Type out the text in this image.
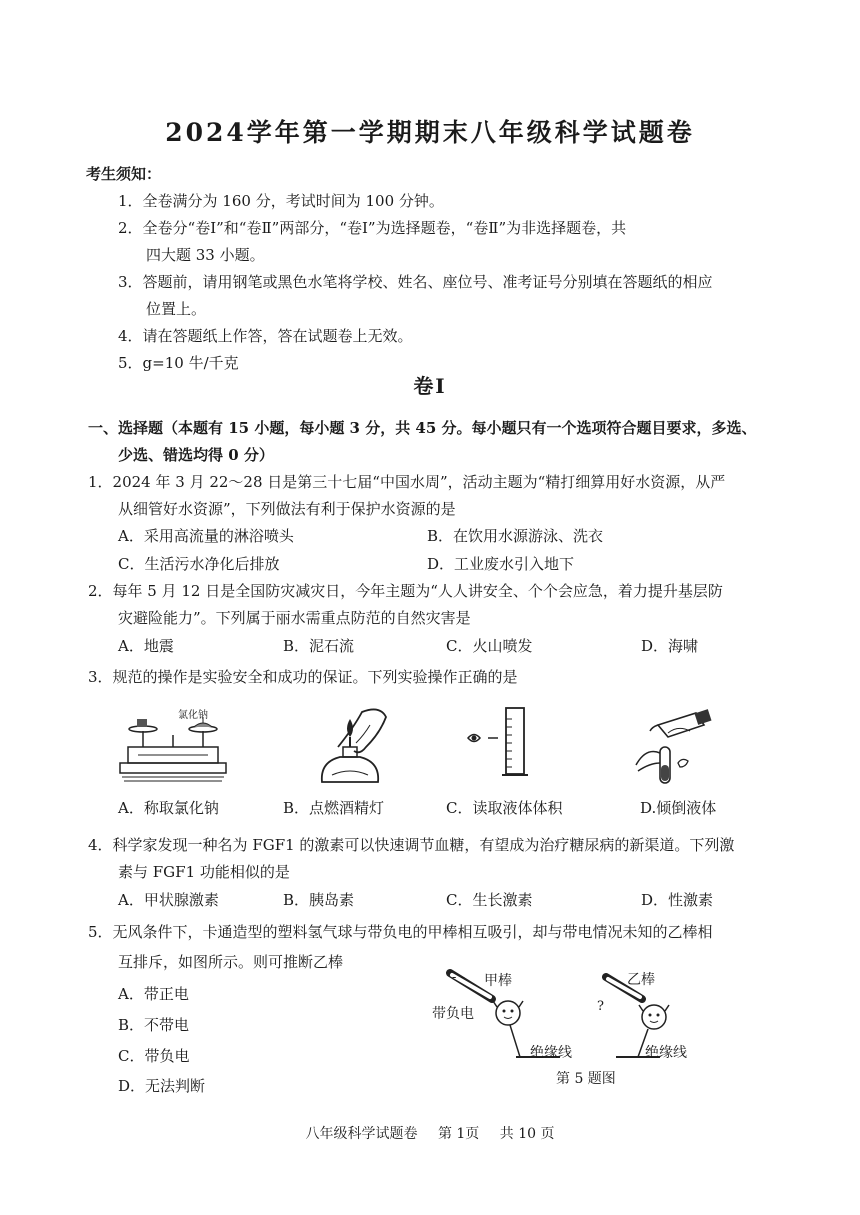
2024学年第一学期期末八年级科学试题卷
考生须知：
1．全卷满分为 160 分，考试时间为 100 分钟。
2．全卷分“卷Ⅰ”和“卷Ⅱ”两部分，“卷Ⅰ”为选择题卷，“卷Ⅱ”为非选择题卷，共
四大题 33 小题。
3．答题前，请用钢笔或黑色水笔将学校、姓名、座位号、准考证号分别填在答题纸的相应
位置上。
4．请在答题纸上作答，答在试题卷上无效。
5．g=10 牛/千克
卷Ⅰ
一、选择题（本题有 15 小题，每小题 3 分，共 45 分。每小题只有一个选项符合题目要求，多选、
少选、错选均得 0 分）
1．2024 年 3 月 22～28 日是第三十七届“中国水周”，活动主题为“精打细算用好水资源，从严
从细管好水资源”，下列做法有利于保护水资源的是
A．采用高流量的淋浴喷头	B．在饮用水源游泳、洗衣
C．生活污水净化后排放	D．工业废水引入地下
2．每年 5 月 12 日是全国防灾减灾日，今年主题为“人人讲安全、个个会应急，着力提升基层防
灾避险能力”。下列属于丽水需重点防范的自然灾害是
A．地震	B．泥石流	C．火山喷发	D．海啸
3．规范的操作是实验安全和成功的保证。下列实验操作正确的是
氯化钠
A．称取氯化钠	B．点燃酒精灯	C．读取液体体积	D.倾倒液体
4．科学家发现一种名为 FGF1 的激素可以快速调节血糖，有望成为治疗糖尿病的新渠道。下列激
素与 FGF1 功能相似的是
A．甲状腺激素	B．胰岛素	C．生长激素	D．性激素
5．无风条件下，卡通造型的塑料氢气球与带负电的甲棒相互吸引，却与带电情况未知的乙棒相
互排斥，如图所示。则可推断乙棒
A．带正电
B．不带电
C．带负电
D．无法判断
- - 甲棒	乙棒
带负电	?
绝缘线	绝缘线
第 5 题图
八年级科学试题卷 第 1页 共 10 页
